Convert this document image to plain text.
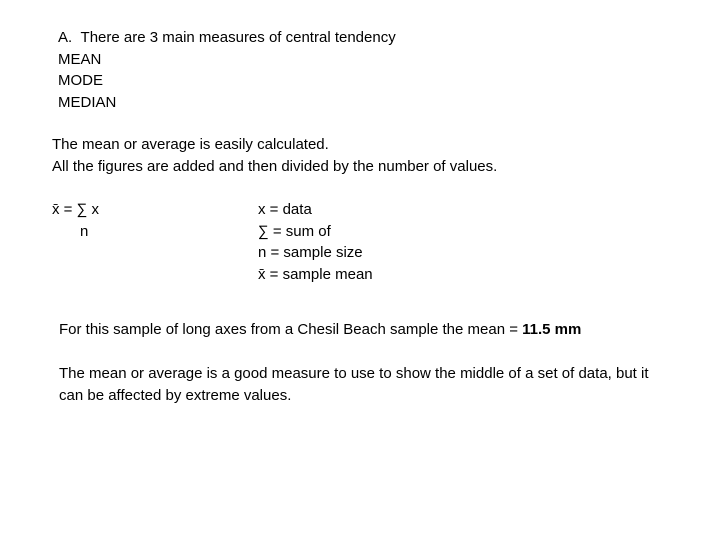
A. There are 3 main measures of central tendency
MEAN
MODE
MEDIAN
The mean or average is easily calculated.
All the figures are added and then divided by the number of values.
x̄ = ∑ x
n
x = data
∑ = sum of
n = sample size
x̄ = sample mean
For this sample of long axes from a Chesil Beach sample the mean = 11.5 mm
The mean or average is a good measure to use to show the middle of a set of data, but it can be affected by extreme values.
